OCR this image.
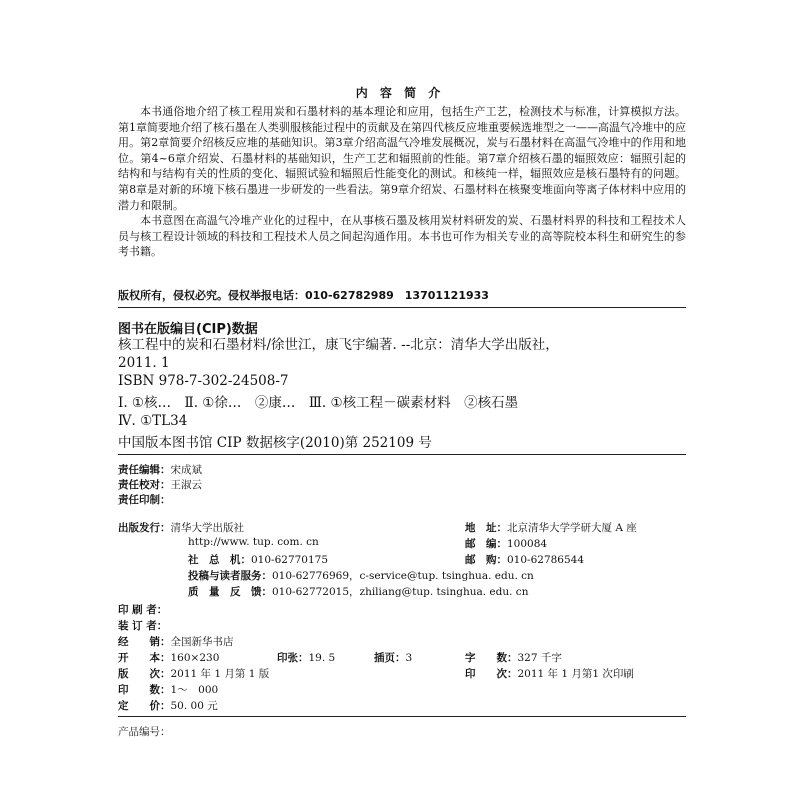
内 容 简 介

本书通俗地介绍了核工程用炭和石墨材料的基本理论和应用，包括生产工艺，检测技术与标准，计算模拟方法。第1章简要地介绍了核石墨在人类驯服核能过程中的贡献及在第四代核反应堆重要候选堆型之一——高温气冷堆中的应用。第2章简要介绍核反应堆的基础知识。第3章介绍高温气冷堆发展概况，炭与石墨材料在高温气冷堆中的作用和地位。第4~6章介绍炭、石墨材料的基础知识，生产工艺和辐照前的性能。第7章介绍核石墨的辐照效应：辐照引起的结构和与结构有关的性质的变化、辐照试验和辐照后性能变化的测试。和核纯一样，辐照效应是核石墨特有的问题。第8章是对新的环境下核石墨进一步研发的一些看法。第9章介绍炭、石墨材料在核聚变堆面向等离子体材料中应用的潜力和限制。

本书意图在高温气冷堆产业化的过程中，在从事核石墨及核用炭材料研发的炭、石墨材料界的科技和工程技术人员与核工程设计领域的科技和工程技术人员之间起沟通作用。本书也可作为相关专业的高等院校本科生和研究生的参考书籍。

版权所有，侵权必究。侵权举报电话：010-62782989　13701121933
图书在版编目(CIP)数据
核工程中的炭和石墨材料/徐世江，康飞宇编著. --北京：清华大学出版社，
2011. 1
ISBN 978-7-302-24508-7
Ⅰ. ①核…　Ⅱ. ①徐…　②康…　Ⅲ. ①核工程－碳素材料　②核石墨
Ⅳ. ①TL34
中国版本图书馆 CIP 数据核字(2010)第 252109 号
责任编辑：宋成斌
责任校对：王淑云
责任印制：
出版发行：清华大学出版社	地　址：北京清华大学学研大厦 A 座
http://www. tup. com. cn	邮　编：100084
社　总　机：010-62770175	邮　购：010-62786544
投稿与读者服务：010-62776969，c-service@tup. tsinghua. edu. cn
质　量　反　馈：010-62772015，zhiliang@tup. tsinghua. edu. cn
印 刷 者：
装 订 者：
经　　销：全国新华书店
开　　本：160×230	印张：19. 5	插页：3	字　　数：327 千字
版　　次：2011 年 1 月第 1 版	印　　次：2011 年 1 月第1 次印刷
印　　数：1～　000
定　　价：50. 00 元
产品编号：
